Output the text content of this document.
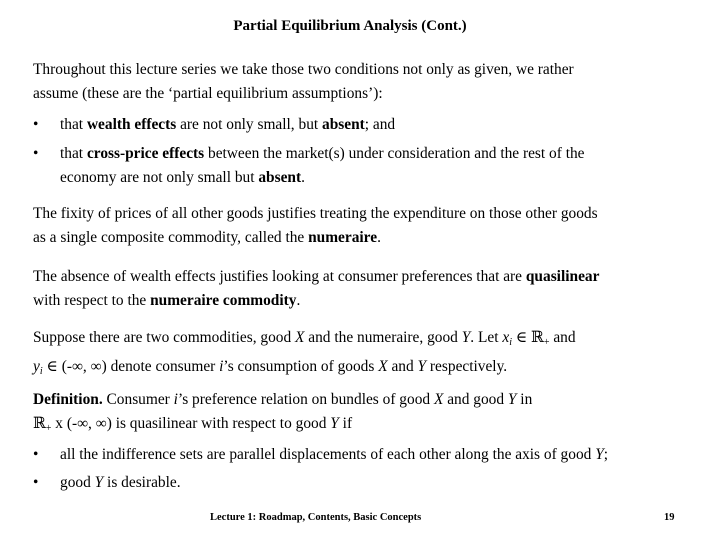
Partial Equilibrium Analysis (Cont.)
Throughout this lecture series we take those two conditions not only as given, we rather
assume (these are the ‘partial equilibrium assumptions’):
• that wealth effects are not only small, but absent; and
• that cross-price effects between the market(s) under consideration and the rest of the
economy are not only small but absent.
The fixity of prices of all other goods justifies treating the expenditure on those other goods
as a single composite commodity, called the numeraire.
The absence of wealth effects justifies looking at consumer preferences that are quasilinear
with respect to the numeraire commodity.
Suppose there are two commodities, good X and the numeraire, good Y. Let $x_i$ ∈ ℝ+ and
$y_i$ ∈ (-∞, ∞) denote consumer i’s consumption of goods X and Y respectively.
Definition. Consumer i’s preference relation on bundles of good X and good Y in
ℝ+ x (-∞, ∞) is quasilinear with respect to good Y if
• all the indifference sets are parallel displacements of each other along the axis of good Y;
• good Y is desirable.
Lecture 1: Roadmap, Contents, Basic Concepts	19
